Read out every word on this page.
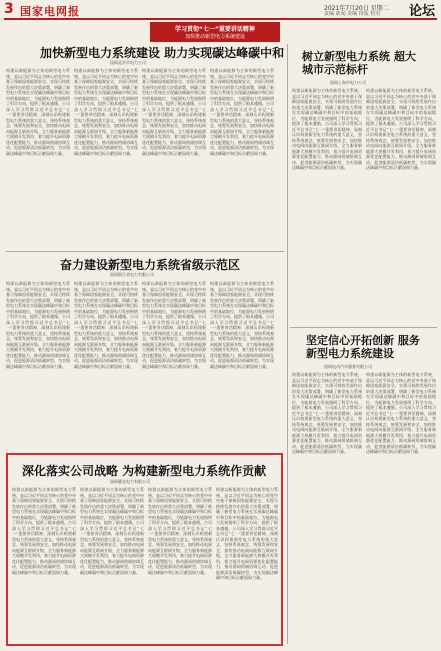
3 国家电网报	2021年7月20日 星期二
责编 新闻 美编 排版 校对 论坛
学习贯彻“七一”重要讲话精神
加快推动新型电力系统建设
加快新型电力系统建设 助力实现碳达峰碳中和
国网北京市电力公司
构建以新能源为主体的新型电力系统，是以习近平同志为核心的党中央基于保障国家能源安全、实现可持续发展作出的重大决策部署，明确了新型电力系统在实现碳达峰碳中和目标中的基础地位，为能源电力发展指明了科学方向，提供了根本遵循。公司深入学习贯彻习近平总书记“七一”重要讲话精神，深刻认识构建新型电力系统的重大意义，坚持系统观念，统筹发展和安全，加快推动电网向能源互联网升级，全力服务新能源大规模开发利用，着力提升电网资源优化配置能力，推动源网荷储协调互动，促进能源清洁低碳转型，为实现碳达峰碳中和目标贡献国网力量。
构建以新能源为主体的新型电力系统，是以习近平同志为核心的党中央基于保障国家能源安全、实现可持续发展作出的重大决策部署，明确了新型电力系统在实现碳达峰碳中和目标中的基础地位，为能源电力发展指明了科学方向，提供了根本遵循。公司深入学习贯彻习近平总书记“七一”重要讲话精神，深刻认识构建新型电力系统的重大意义，坚持系统观念，统筹发展和安全，加快推动电网向能源互联网升级，全力服务新能源大规模开发利用，着力提升电网资源优化配置能力，推动源网荷储协调互动，促进能源清洁低碳转型，为实现碳达峰碳中和目标贡献国网力量。
构建以新能源为主体的新型电力系统，是以习近平同志为核心的党中央基于保障国家能源安全、实现可持续发展作出的重大决策部署，明确了新型电力系统在实现碳达峰碳中和目标中的基础地位，为能源电力发展指明了科学方向，提供了根本遵循。公司深入学习贯彻习近平总书记“七一”重要讲话精神，深刻认识构建新型电力系统的重大意义，坚持系统观念，统筹发展和安全，加快推动电网向能源互联网升级，全力服务新能源大规模开发利用，着力提升电网资源优化配置能力，推动源网荷储协调互动，促进能源清洁低碳转型，为实现碳达峰碳中和目标贡献国网力量。
构建以新能源为主体的新型电力系统，是以习近平同志为核心的党中央基于保障国家能源安全、实现可持续发展作出的重大决策部署，明确了新型电力系统在实现碳达峰碳中和目标中的基础地位，为能源电力发展指明了科学方向，提供了根本遵循。公司深入学习贯彻习近平总书记“七一”重要讲话精神，深刻认识构建新型电力系统的重大意义，坚持系统观念，统筹发展和安全，加快推动电网向能源互联网升级，全力服务新能源大规模开发利用，着力提升电网资源优化配置能力，推动源网荷储协调互动，促进能源清洁低碳转型，为实现碳达峰碳中和目标贡献国网力量。
奋力建设新型电力系统省级示范区
国网浙江省电力有限公司
构建以新能源为主体的新型电力系统，是以习近平同志为核心的党中央基于保障国家能源安全、实现可持续发展作出的重大决策部署，明确了新型电力系统在实现碳达峰碳中和目标中的基础地位，为能源电力发展指明了科学方向，提供了根本遵循。公司深入学习贯彻习近平总书记“七一”重要讲话精神，深刻认识构建新型电力系统的重大意义，坚持系统观念，统筹发展和安全，加快推动电网向能源互联网升级，全力服务新能源大规模开发利用，着力提升电网资源优化配置能力，推动源网荷储协调互动，促进能源清洁低碳转型，为实现碳达峰碳中和目标贡献国网力量。
构建以新能源为主体的新型电力系统，是以习近平同志为核心的党中央基于保障国家能源安全、实现可持续发展作出的重大决策部署，明确了新型电力系统在实现碳达峰碳中和目标中的基础地位，为能源电力发展指明了科学方向，提供了根本遵循。公司深入学习贯彻习近平总书记“七一”重要讲话精神，深刻认识构建新型电力系统的重大意义，坚持系统观念，统筹发展和安全，加快推动电网向能源互联网升级，全力服务新能源大规模开发利用，着力提升电网资源优化配置能力，推动源网荷储协调互动，促进能源清洁低碳转型，为实现碳达峰碳中和目标贡献国网力量。
构建以新能源为主体的新型电力系统，是以习近平同志为核心的党中央基于保障国家能源安全、实现可持续发展作出的重大决策部署，明确了新型电力系统在实现碳达峰碳中和目标中的基础地位，为能源电力发展指明了科学方向，提供了根本遵循。公司深入学习贯彻习近平总书记“七一”重要讲话精神，深刻认识构建新型电力系统的重大意义，坚持系统观念，统筹发展和安全，加快推动电网向能源互联网升级，全力服务新能源大规模开发利用，着力提升电网资源优化配置能力，推动源网荷储协调互动，促进能源清洁低碳转型，为实现碳达峰碳中和目标贡献国网力量。
构建以新能源为主体的新型电力系统，是以习近平同志为核心的党中央基于保障国家能源安全、实现可持续发展作出的重大决策部署，明确了新型电力系统在实现碳达峰碳中和目标中的基础地位，为能源电力发展指明了科学方向，提供了根本遵循。公司深入学习贯彻习近平总书记“七一”重要讲话精神，深刻认识构建新型电力系统的重大意义，坚持系统观念，统筹发展和安全，加快推动电网向能源互联网升级，全力服务新能源大规模开发利用，着力提升电网资源优化配置能力，推动源网荷储协调互动，促进能源清洁低碳转型，为实现碳达峰碳中和目标贡献国网力量。
树立新型电力系统 超大城市示范标杆
国网上海市电力公司
构建以新能源为主体的新型电力系统，是以习近平同志为核心的党中央基于保障国家能源安全、实现可持续发展作出的重大决策部署，明确了新型电力系统在实现碳达峰碳中和目标中的基础地位，为能源电力发展指明了科学方向，提供了根本遵循。公司深入学习贯彻习近平总书记“七一”重要讲话精神，深刻认识构建新型电力系统的重大意义，坚持系统观念，统筹发展和安全，加快推动电网向能源互联网升级，全力服务新能源大规模开发利用，着力提升电网资源优化配置能力，推动源网荷储协调互动，促进能源清洁低碳转型，为实现碳达峰碳中和目标贡献国网力量。
构建以新能源为主体的新型电力系统，是以习近平同志为核心的党中央基于保障国家能源安全、实现可持续发展作出的重大决策部署，明确了新型电力系统在实现碳达峰碳中和目标中的基础地位，为能源电力发展指明了科学方向，提供了根本遵循。公司深入学习贯彻习近平总书记“七一”重要讲话精神，深刻认识构建新型电力系统的重大意义，坚持系统观念，统筹发展和安全，加快推动电网向能源互联网升级，全力服务新能源大规模开发利用，着力提升电网资源优化配置能力，推动源网荷储协调互动，促进能源清洁低碳转型，为实现碳达峰碳中和目标贡献国网力量。
坚定信心开拓创新 服务新型电力系统建设
国网电动汽车服务有限公司
构建以新能源为主体的新型电力系统，是以习近平同志为核心的党中央基于保障国家能源安全、实现可持续发展作出的重大决策部署，明确了新型电力系统在实现碳达峰碳中和目标中的基础地位，为能源电力发展指明了科学方向，提供了根本遵循。公司深入学习贯彻习近平总书记“七一”重要讲话精神，深刻认识构建新型电力系统的重大意义，坚持系统观念，统筹发展和安全，加快推动电网向能源互联网升级，全力服务新能源大规模开发利用，着力提升电网资源优化配置能力，推动源网荷储协调互动，促进能源清洁低碳转型，为实现碳达峰碳中和目标贡献国网力量。
构建以新能源为主体的新型电力系统，是以习近平同志为核心的党中央基于保障国家能源安全、实现可持续发展作出的重大决策部署，明确了新型电力系统在实现碳达峰碳中和目标中的基础地位，为能源电力发展指明了科学方向，提供了根本遵循。公司深入学习贯彻习近平总书记“七一”重要讲话精神，深刻认识构建新型电力系统的重大意义，坚持系统观念，统筹发展和安全，加快推动电网向能源互联网升级，全力服务新能源大规模开发利用，着力提升电网资源优化配置能力，推动源网荷储协调互动，促进能源清洁低碳转型，为实现碳达峰碳中和目标贡献国网力量。
深化落实公司战略 为构建新型电力系统作贡献
国网冀北电力有限公司
构建以新能源为主体的新型电力系统，是以习近平同志为核心的党中央基于保障国家能源安全、实现可持续发展作出的重大决策部署，明确了新型电力系统在实现碳达峰碳中和目标中的基础地位，为能源电力发展指明了科学方向，提供了根本遵循。公司深入学习贯彻习近平总书记“七一”重要讲话精神，深刻认识构建新型电力系统的重大意义，坚持系统观念，统筹发展和安全，加快推动电网向能源互联网升级，全力服务新能源大规模开发利用，着力提升电网资源优化配置能力，推动源网荷储协调互动，促进能源清洁低碳转型，为实现碳达峰碳中和目标贡献国网力量。
构建以新能源为主体的新型电力系统，是以习近平同志为核心的党中央基于保障国家能源安全、实现可持续发展作出的重大决策部署，明确了新型电力系统在实现碳达峰碳中和目标中的基础地位，为能源电力发展指明了科学方向，提供了根本遵循。公司深入学习贯彻习近平总书记“七一”重要讲话精神，深刻认识构建新型电力系统的重大意义，坚持系统观念，统筹发展和安全，加快推动电网向能源互联网升级，全力服务新能源大规模开发利用，着力提升电网资源优化配置能力，推动源网荷储协调互动，促进能源清洁低碳转型，为实现碳达峰碳中和目标贡献国网力量。
构建以新能源为主体的新型电力系统，是以习近平同志为核心的党中央基于保障国家能源安全、实现可持续发展作出的重大决策部署，明确了新型电力系统在实现碳达峰碳中和目标中的基础地位，为能源电力发展指明了科学方向，提供了根本遵循。公司深入学习贯彻习近平总书记“七一”重要讲话精神，深刻认识构建新型电力系统的重大意义，坚持系统观念，统筹发展和安全，加快推动电网向能源互联网升级，全力服务新能源大规模开发利用，着力提升电网资源优化配置能力，推动源网荷储协调互动，促进能源清洁低碳转型，为实现碳达峰碳中和目标贡献国网力量。
构建以新能源为主体的新型电力系统，是以习近平同志为核心的党中央基于保障国家能源安全、实现可持续发展作出的重大决策部署，明确了新型电力系统在实现碳达峰碳中和目标中的基础地位，为能源电力发展指明了科学方向，提供了根本遵循。公司深入学习贯彻习近平总书记“七一”重要讲话精神，深刻认识构建新型电力系统的重大意义，坚持系统观念，统筹发展和安全，加快推动电网向能源互联网升级，全力服务新能源大规模开发利用，着力提升电网资源优化配置能力，推动源网荷储协调互动，促进能源清洁低碳转型，为实现碳达峰碳中和目标贡献国网力量。
